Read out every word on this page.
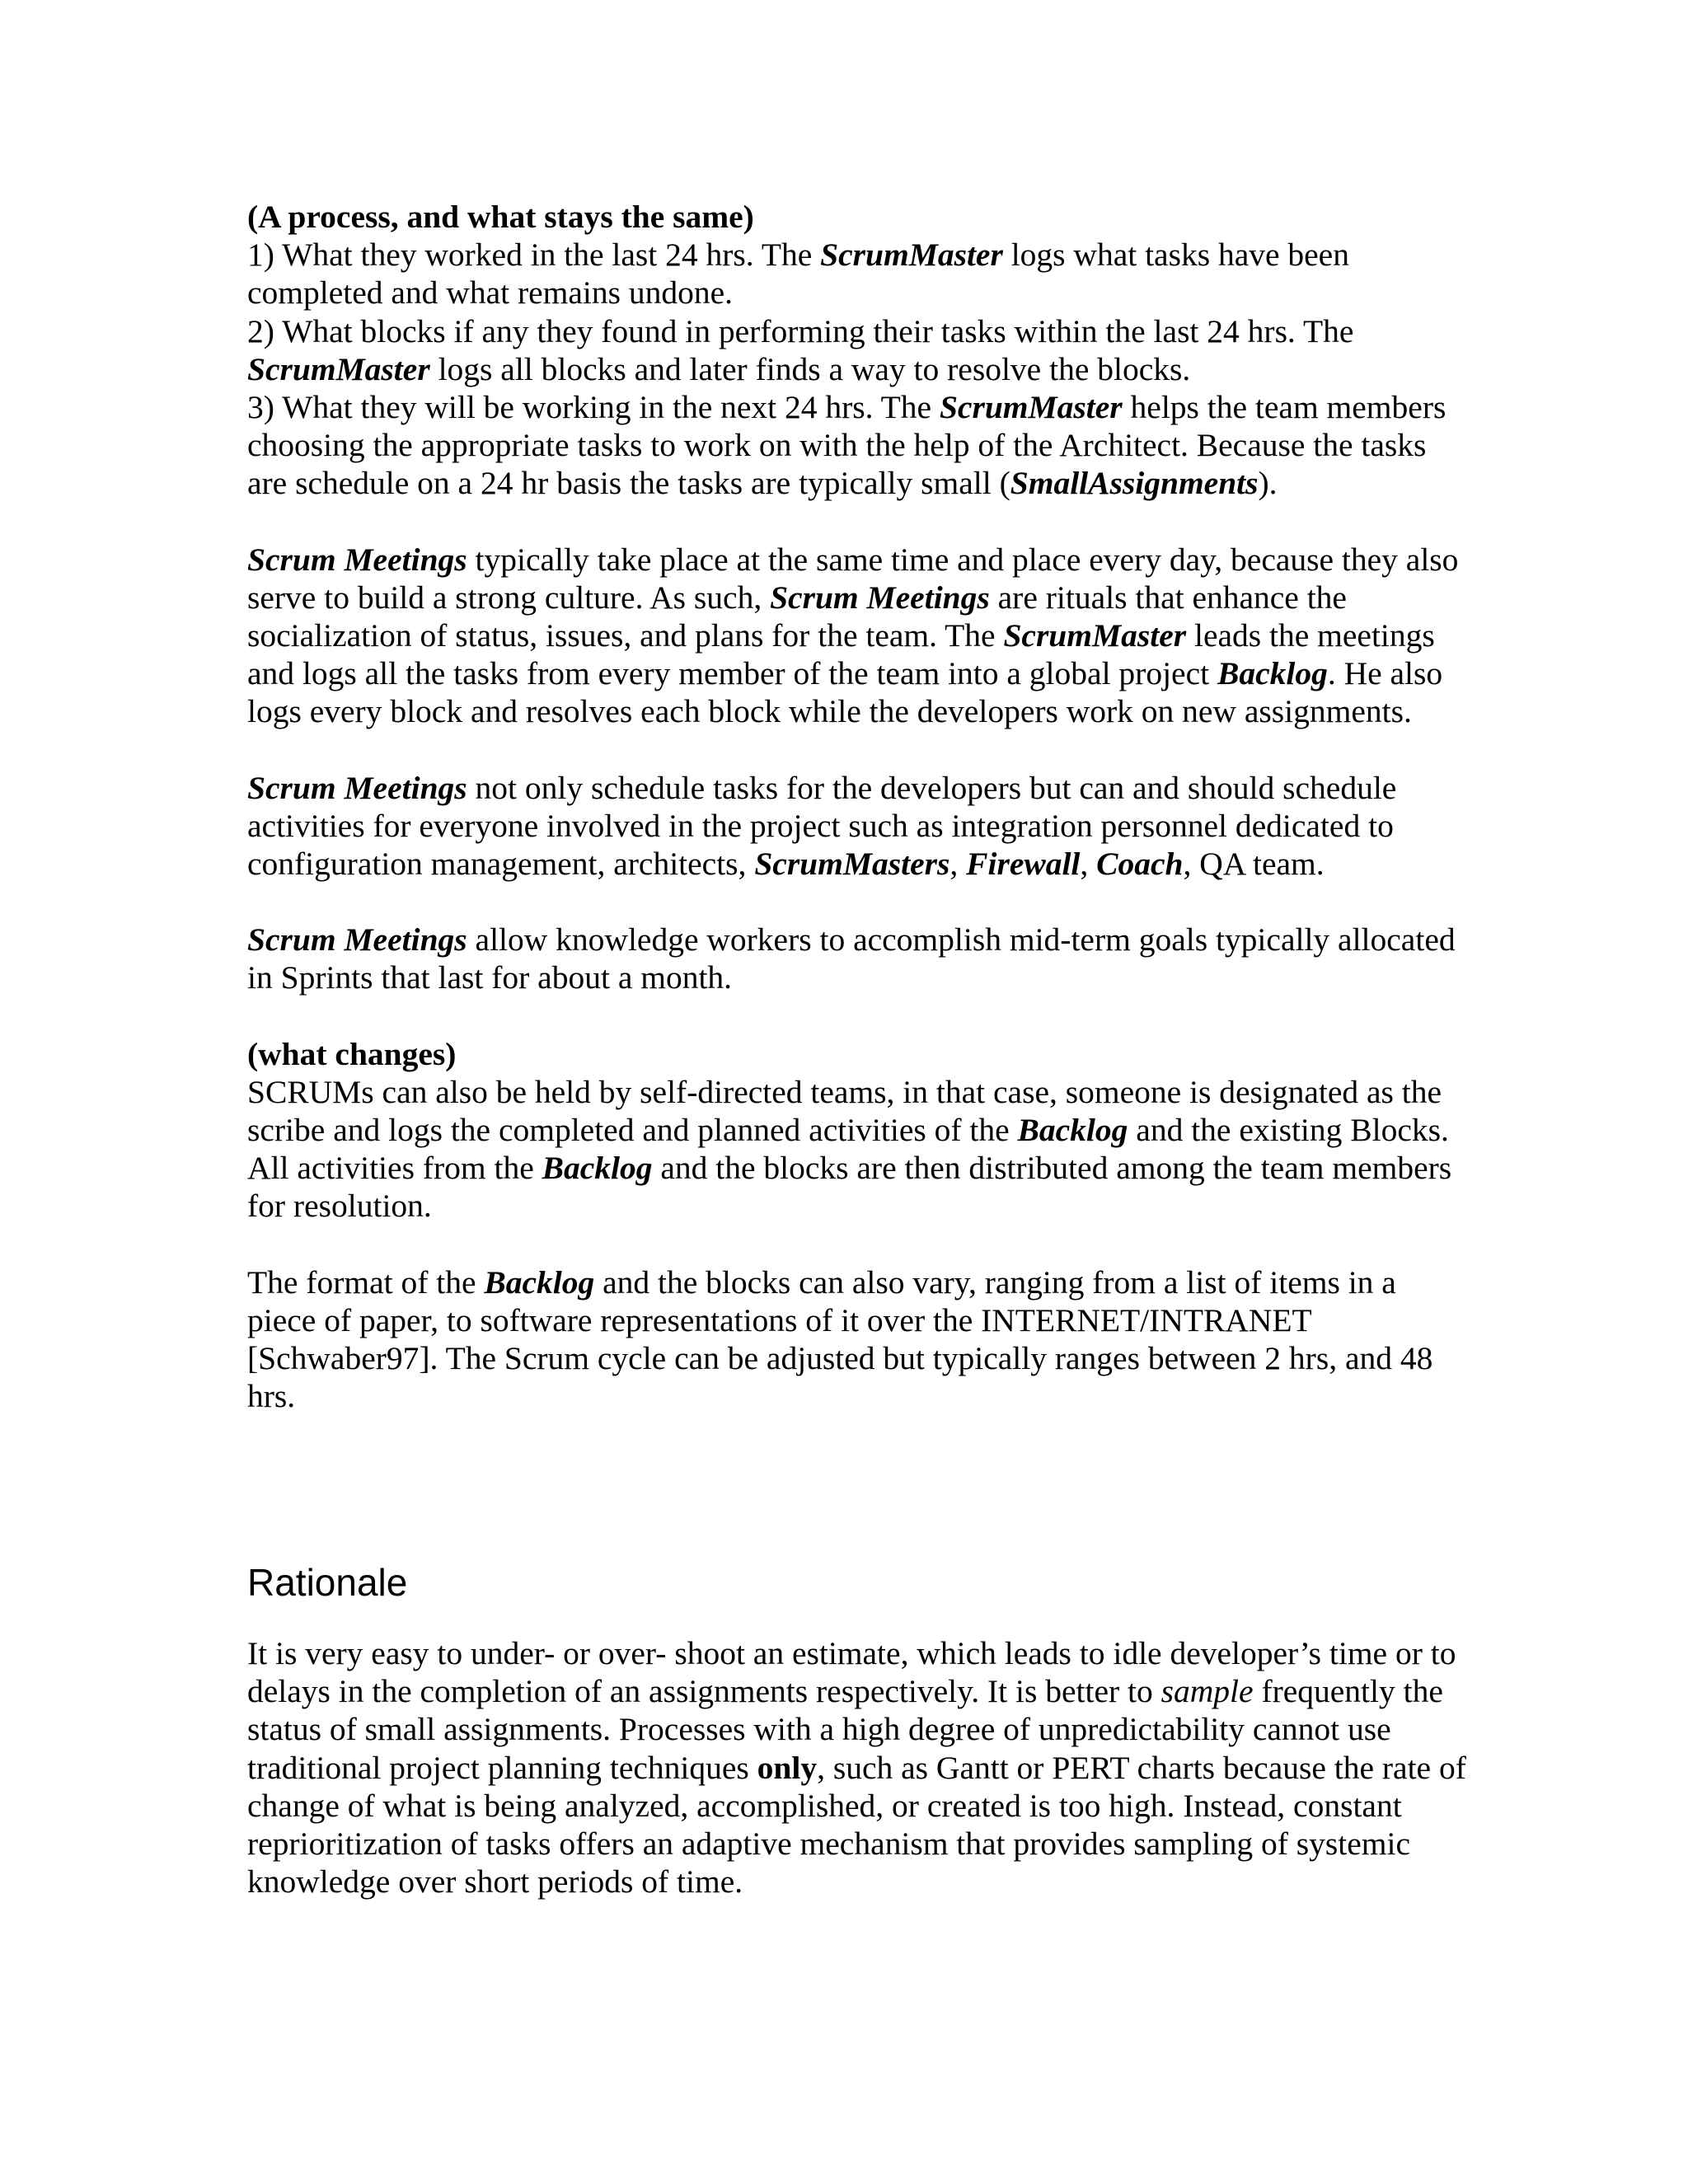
(A process, and what stays the same)

1) What they worked in the last 24 hrs. The ScrumMaster logs what tasks have been completed and what remains undone.

2) What blocks if any they found in performing their tasks within the last 24 hrs. The ScrumMaster logs all blocks and later finds a way to resolve the blocks.

3) What they will be working in the next 24 hrs. The ScrumMaster helps the team members choosing the appropriate tasks to work on with the help of the Architect. Because the tasks are schedule on a 24 hr basis the tasks are typically small (SmallAssignments).

Scrum Meetings typically take place at the same time and place every day, because they also serve to build a strong culture. As such, Scrum Meetings are rituals that enhance the socialization of status, issues, and plans for the team. The ScrumMaster leads the meetings and logs all the tasks from every member of the team into a global project Backlog. He also logs every block and resolves each block while the developers work on new assignments.

Scrum Meetings not only schedule tasks for the developers but can and should schedule activities for everyone involved in the project such as integration personnel dedicated to configuration management, architects, ScrumMasters, Firewall, Coach, QA team.

Scrum Meetings allow knowledge workers to accomplish mid-term goals typically allocated in Sprints that last for about a month.

(what changes)

SCRUMs can also be held by self-directed teams, in that case, someone is designated as the scribe and logs the completed and planned activities of the Backlog and the existing Blocks. All activities from the Backlog and the blocks are then distributed among the team members for resolution.

The format of the Backlog and the blocks can also vary, ranging from a list of items in a piece of paper, to software representations of it over the INTERNET/INTRANET [Schwaber97]. The Scrum cycle can be adjusted but typically ranges between 2 hrs, and 48 hrs.

Rationale

It is very easy to under- or over- shoot an estimate, which leads to idle developer’s time or to delays in the completion of an assignments respectively. It is better to sample frequently the status of small assignments. Processes with a high degree of unpredictability cannot use traditional project planning techniques only, such as Gantt or PERT charts because the rate of change of what is being analyzed, accomplished, or created is too high. Instead, constant reprioritization of tasks offers an adaptive mechanism that provides sampling of systemic knowledge over short periods of time.
